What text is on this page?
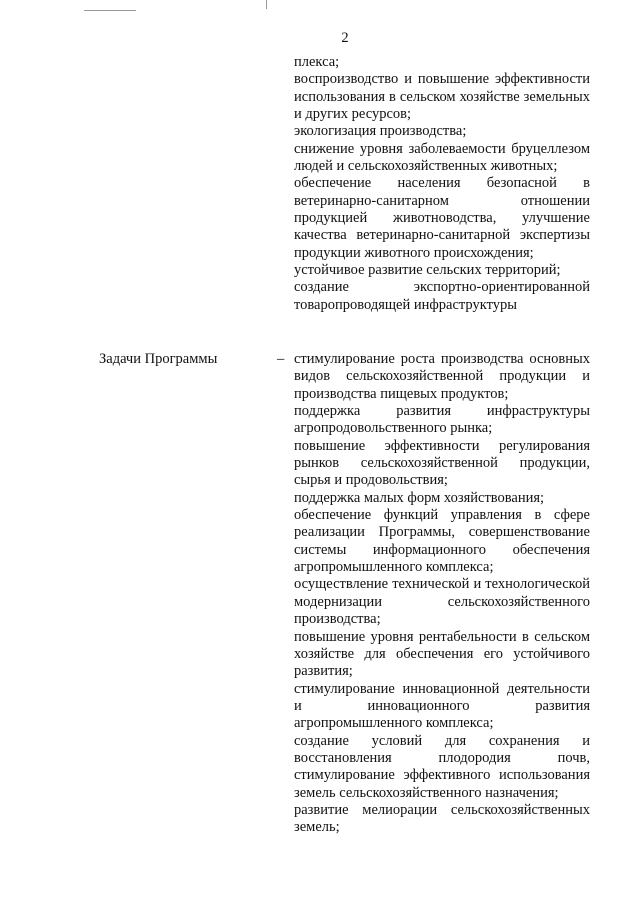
2

плекса;

воспроизводство и повышение эффективности использования в сельском хозяйстве земельных и других ресурсов;

экологизация производства;

снижение уровня заболеваемости бруцеллезом людей и сельскохозяйственных животных;

обеспечение населения безопасной в ветеринарно-санитарном отношении продукцией животноводства, улучшение качества ветеринарно-санитарной экспертизы продукции животного происхождения;

устойчивое развитие сельских территорий;

создание экспортно-ориентированной товаропроводящей инфраструктуры

Задачи Программы	– стимулирование роста производства основных видов сельскохозяйственной продукции и производства пищевых продуктов;

поддержка развития инфраструктуры агропродовольственного рынка;

повышение эффективности регулирования рынков сельскохозяйственной продукции, сырья и продовольствия;

поддержка малых форм хозяйствования;

обеспечение функций управления в сфере реализации Программы, совершенствование системы информационного обеспечения агропромышленного комплекса;

осуществление технической и технологической модернизации сельскохозяйственного производства;

повышение уровня рентабельности в сельском хозяйстве для обеспечения его устойчивого развития;

стимулирование инновационной деятельности и инновационного развития агропромышленного комплекса;

создание условий для сохранения и восстановления плодородия почв, стимулирование эффективного использования земель сельскохозяйственного назначения;

развитие мелиорации сельскохозяйственных земель;
